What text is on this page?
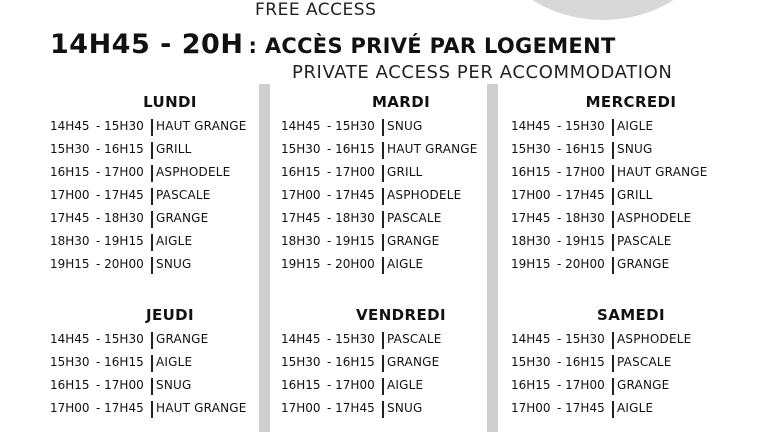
FREE ACCESS
14H45 - 20H : ACCÈS PRIVÉ PAR LOGEMENT
PRIVATE ACCESS PER ACCOMMODATION
LUNDI
14H45 - 15H30 HAUT GRANGE
15H30 - 16H15 GRILL
16H15 - 17H00 ASPHODELE
17H00 - 17H45 PASCALE
17H45 - 18H30 GRANGE
18H30 - 19H15 AIGLE
19H15 - 20H00 SNUG
MARDI
14H45 - 15H30 SNUG
15H30 - 16H15 HAUT GRANGE
16H15 - 17H00 GRILL
17H00 - 17H45 ASPHODELE
17H45 - 18H30 PASCALE
18H30 - 19H15 GRANGE
19H15 - 20H00 AIGLE
MERCREDI
14H45 - 15H30 AIGLE
15H30 - 16H15 SNUG
16H15 - 17H00 HAUT GRANGE
17H00 - 17H45 GRILL
17H45 - 18H30 ASPHODELE
18H30 - 19H15 PASCALE
19H15 - 20H00 GRANGE
JEUDI
14H45 - 15H30 GRANGE
15H30 - 16H15 AIGLE
16H15 - 17H00 SNUG
17H00 - 17H45 HAUT GRANGE
VENDREDI
14H45 - 15H30 PASCALE
15H30 - 16H15 GRANGE
16H15 - 17H00 AIGLE
17H00 - 17H45 SNUG
SAMEDI
14H45 - 15H30 ASPHODELE
15H30 - 16H15 PASCALE
16H15 - 17H00 GRANGE
17H00 - 17H45 AIGLE
